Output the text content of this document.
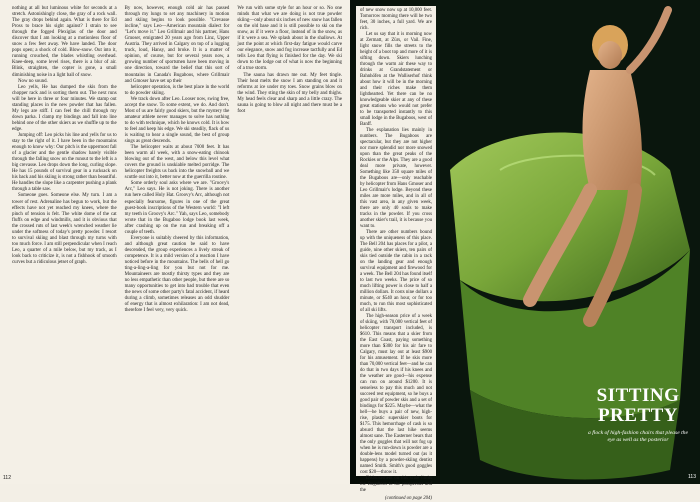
nothing at all but luminous white for seconds at a stretch. Astonishingly close, the gray of a rock wall. The gray drops behind again. What is there for Ed Pross to brace his sight against? I strain to see through the fogged Plexiglas of the door and discover that I am looking at a motionless floor of snow a few feet away. We have landed. The door pops open; a shock of cold. Blow-snow. Out into it, running crouched, the blades whistling overhead. Knee-deep, some level rises, there is a blur of air. Blink, straighten, the copter is gone, a small diminishing noise in a light ball of snow.

Now no sound.

Leo yells, He has dumped the skis from the chopper rack and is sorting them out. The next runs will be here in three or four minutes. We stamp out standing places in the new powder that has fallen. My legs are stiff. I can feel the chill through my down parka. I clamp my bindings and fall into line behind one of the other skiers as we shuffle up to the edge.

Jumping off: Leo picks his line and yells for us to stay to the right of it. I have been in the mountains enough to know why: Our pitch is the uppermost fall of a glacier and the gentle shadow barely visible through the falling snow on the runout to the left is a big crevasse. Leo drops down the long, curling slope. He has 15 pounds of survival gear in a rucksack on his back and his skiing is strong rather than beautiful. He handles the slope like a carpenter pushing a plank through a table saw.

Someone goes. Someone else. My turn. I am a tower of rest. Adrenaline has begun to work, but the effects have not yet reached my knees, where the pinch of tension is felt. The white dome of the cat fluffs on edge and windmills, and it is obvious that the crossed ruts of last week's wrenched weather lie under the softness of today's pretty powder. I resort to survival skiing and blast through my turns with too much force. I am still perpendicular when I reach Leo, a quarter of a mile below, but my track, as I look back to criticize it, is not a fishhook of smooth curves but a ridiculous jetset of graph.

By now, however, enough cold air has passed through my lungs to set any machinery in motion and skiing begins to look possible. "Crevasse incline," says Leo—American mountain dialect for "Let's move it." Leo Grillmair and his partner, Hans Gmoser, emigrated 20 years ago from Linz, Upper Austria. They arrived in Calgary on top of a lugging truck, loud, Hansy, and broke. It is a matter of opinion, of course, but for several years now, a growing number of sportsmen have been moving in one direction, toward the belief that this sort of mountains in Canada's Bugaboos, where Grillmair and Gmoser have set up their

helicopter operation, is the best place in the world to do powder skiing.

We track down after Leo. Looser now, swing free, accept the snow. To some extent, we do. And don't. Most of us are fairly good skiers, but the mystery the amateur athlete never manages to solve has nothing to do with technique, which he knows cold. It is how to feel and keep his edge. We ski steadily, flack of us is waiting to hear a single sound, the best of group sings as great descends.

The helicopter waits at about 7000 feet. It has been warm all week, with a snow-eating chinook blowing out of the west, and below this level what covers the ground is unskiable melted porridge. The helicopter freights us back into the snowball and we scuttle out into it, better now at the guerrilla routine.

Some orderly soul asks where we are. "Groovy's Arc," Leo says. He is not joking. There is another run here called Holy Hat. Groovy's Arc, although not especially fearsome, figures in one of the great guest-book inscriptions of the Western world: "I left my teeth in Groovy's Arc." Yah, says Leo, somebody wrote that in the Bugaboo lodge book last week, after crashing up on the run and breaking off a couple of teeth.

Everyone is suitably cheered by this information, and although great caution be said to have descended, the group experiences a lively streak of competence. It is a mild version of a reaction I have noticed before in the mountains. The bells of hell go ting-a-ling-a-ling for you but not for me. Mountaineers are mostly thirsty types and they are no less empathetic than other people, but there are so many opportunities to get into bad trouble that even the news of some other party's fatal accident, if heard during a climb, sometimes releases an odd shudder of energy that is almost exhilaration: I am not dead, therefore I feel very, very quick.

We run with some style for an hour or so. No one minds that what we are doing is not true powder skiing—only about six inches of new snow has fallen on the old base and it is still possible to ski on the snow, as if it were a floor, instead of in the snow, as if it were a sea. We splash about in the shallows. At just the point at which first-day fatigue would carve our elegance, snow and fog increase tactfully and Ed tells Leo that flying is finished for the day. We ski down to the lodge out of what is now the beginning of a true storm.

The sauna has drawn me out. My feet tingle. Their heat melts the snow I am standing on and it reforms at ice under my toes. Snow grains blow on the wind. They sting the skin of my belly and thighs. My head feels clear and sharp and a little crazy. The sauna is going to blow all night and there must be a foot

112

of new snow now up at 10,000 feet. Tomorrow morning there will be two feet, 30 inches, a full yard. We are rich.

Let us say that it is morning now at Zermatt, at Zürs, or Vail. Fine, light snow fills the streets to the height of a boot top and more of it is sifting down. Skiers lunching through the warm air these way to drinks at Grandstatement or Bahnhöfen at the Walliserhof think about how it will be in the morning and their riches make them lighthearted. Yet there can be no knowledgeable skier at any of these great stations who would not prefer to be transported instantly to this small lodge in the Bugaboos, west of Banff.

The explanation lies mainly in numbers. The Bugaboos are spectacular, but they are not higher nor more splendid nor more snowed upon than the great peaks of the Rockies or the Alps. They are a good deal more private, however. Something like 350 square miles of the Bugaboos are—only reachable by helicopter from Hans Gmoser and Leo Grillmair's lodge. Beyond these miles are more miles, and in all of this vast area, in any given week, there are only 40 souls to make tracks in the powder. If you cross another skier's trail, it is because you want to.

There are other numbers bound up with the uniqueness of this place. The Bell 204 has places for a pilot, a guide, nine other skiers, ten pairs of skis tied outside the cabin in a rack on the landing gear and enough survival equipment and firewood for a week. The Bell 204 has found itself to last two weeks. The price of so much lifting power is close to half a million dollars. It costs nine dollars a minute, or $540 an hour, or for too much, to run this most sophisticated of all ski lifts.

The high-season price of a week of skiing, with 70,000 vertical feet of helicopter transport included, is $610. This means that a skier from the East Coast, paying something more than $300 for his air fare to Calgary, must lay out at least $900 for his amusement. If he skis more than 70,000 vertical feet—and he can do that in two days if his knees and the weather are good—his expense can run on around $1200. It is senseless to pay this much and not succeed rest equipment, so he buys a good pair of powder skis and a set of bindings for $225. Maybe—what the hell—he buys a pair of new, high-rise, plastic superskier boots for $175. This hemorrhage of cash is so absurd that the last hike seems almost sane. The Easterner bears that the only goggles that will not fog up when he is run-down is powder are a double-lens model turned out (as it happens) by a powder-skiing dentist named Smith. Smith's good goggles cost $20—throw it.

Disbursement on this scale limits the Bugaboos to the prosperous and the

(continued on page 204)
SITTING
PRETTY
a flock of high-fashion chairs that please the eye as well as the posterior
113
